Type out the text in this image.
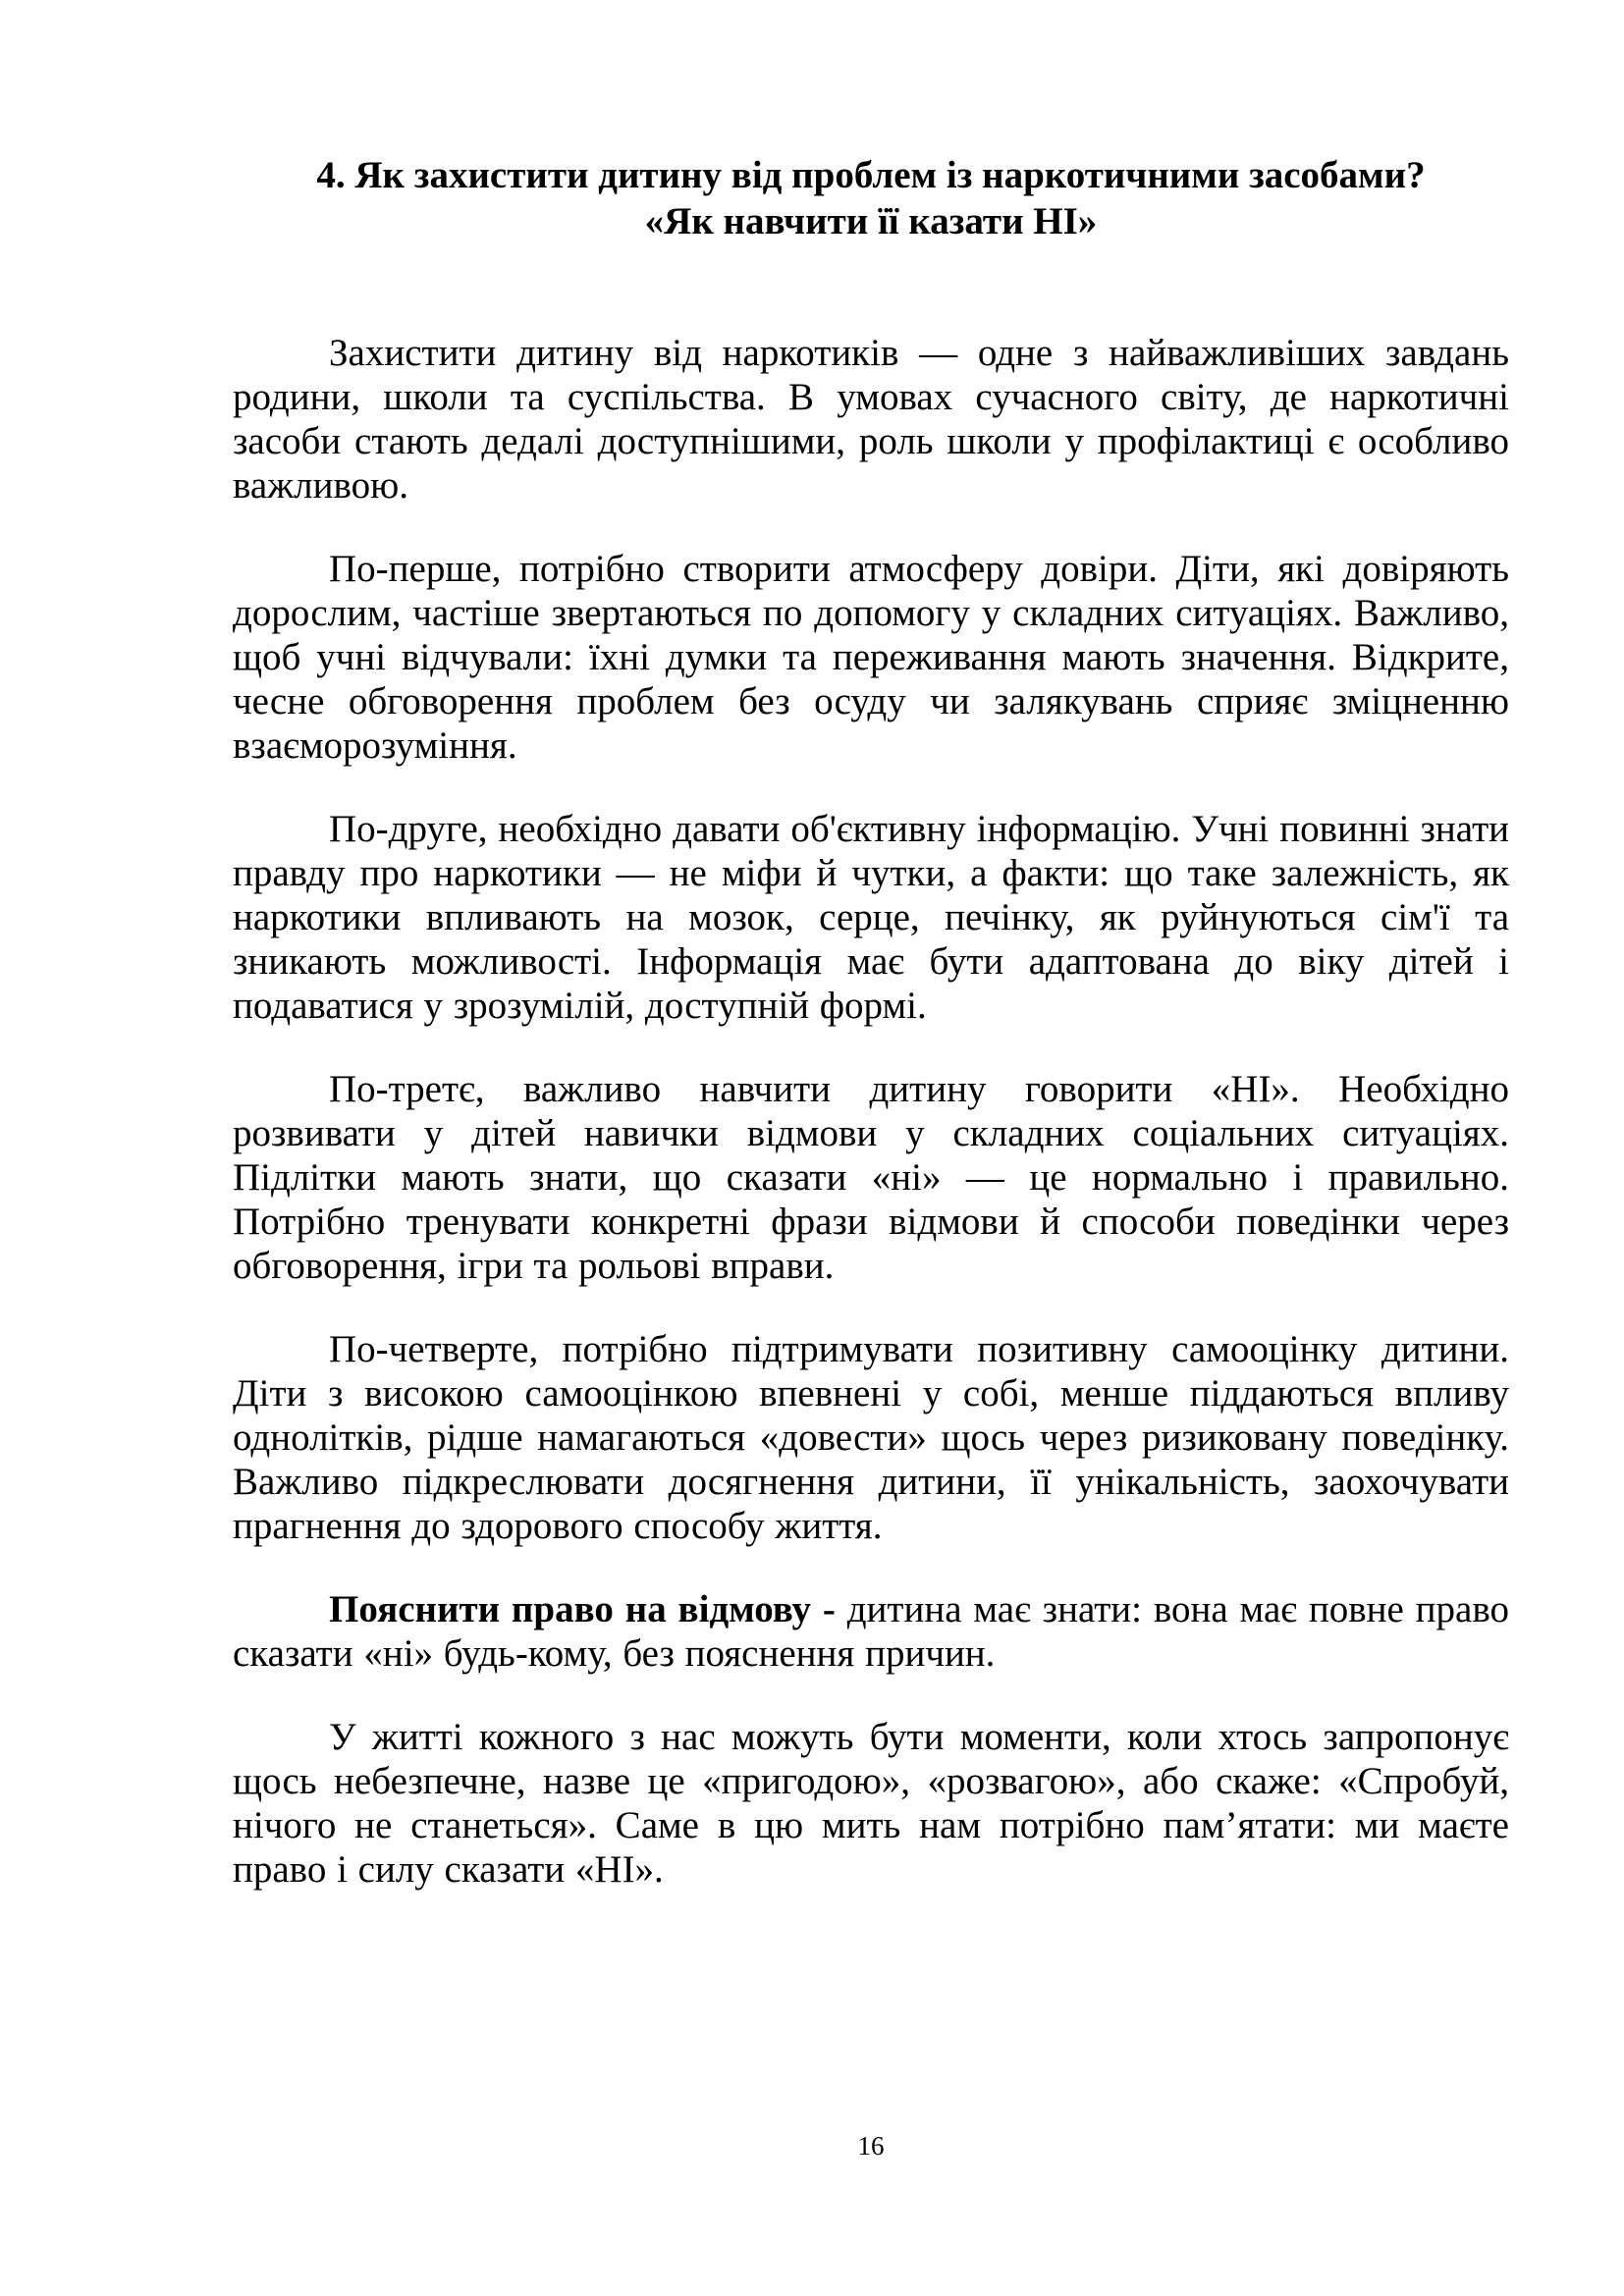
4. Як захистити дитину від проблем із наркотичними засобами?
«Як навчити її казати НІ»

Захистити дитину від наркотиків — одне з найважливіших завдань родини, школи та суспільства. В умовах сучасного світу, де наркотичні засоби стають дедалі доступнішими, роль школи у профілактиці є особливо важливою.

По-перше, потрібно створити атмосферу довіри. Діти, які довіряють дорослим, частіше звертаються по допомогу у складних ситуаціях. Важливо, щоб учні відчували: їхні думки та переживання мають значення. Відкрите, чесне обговорення проблем без осуду чи залякувань сприяє зміцненню взаєморозуміння.

По-друге, необхідно давати об'єктивну інформацію. Учні повинні знати правду про наркотики — не міфи й чутки, а факти: що таке залежність, як наркотики впливають на мозок, серце, печінку, як руйнуються сім'ї та зникають можливості. Інформація має бути адаптована до віку дітей і подаватися у зрозумілій, доступній формі.

По-третє, важливо навчити дитину говорити «НІ». Необхідно розвивати у дітей навички відмови у складних соціальних ситуаціях. Підлітки мають знати, що сказати «ні» — це нормально і правильно. Потрібно тренувати конкретні фрази відмови й способи поведінки через обговорення, ігри та рольові вправи.

По-четверте, потрібно підтримувати позитивну самооцінку дитини. Діти з високою самооцінкою впевнені у собі, менше піддаються впливу однолітків, рідше намагаються «довести» щось через ризиковану поведінку. Важливо підкреслювати досягнення дитини, її унікальність, заохочувати прагнення до здорового способу життя.

Пояснити право на відмову - дитина має знати: вона має повне право сказати «ні» будь-кому, без пояснення причин.

У житті кожного з нас можуть бути моменти, коли хтось запропонує щось небезпечне, назве це «пригодою», «розвагою», або скаже: «Спробуй, нічого не станеться». Саме в цю мить нам потрібно пам’ятати: ми маєте право і силу сказати «НІ».

16
